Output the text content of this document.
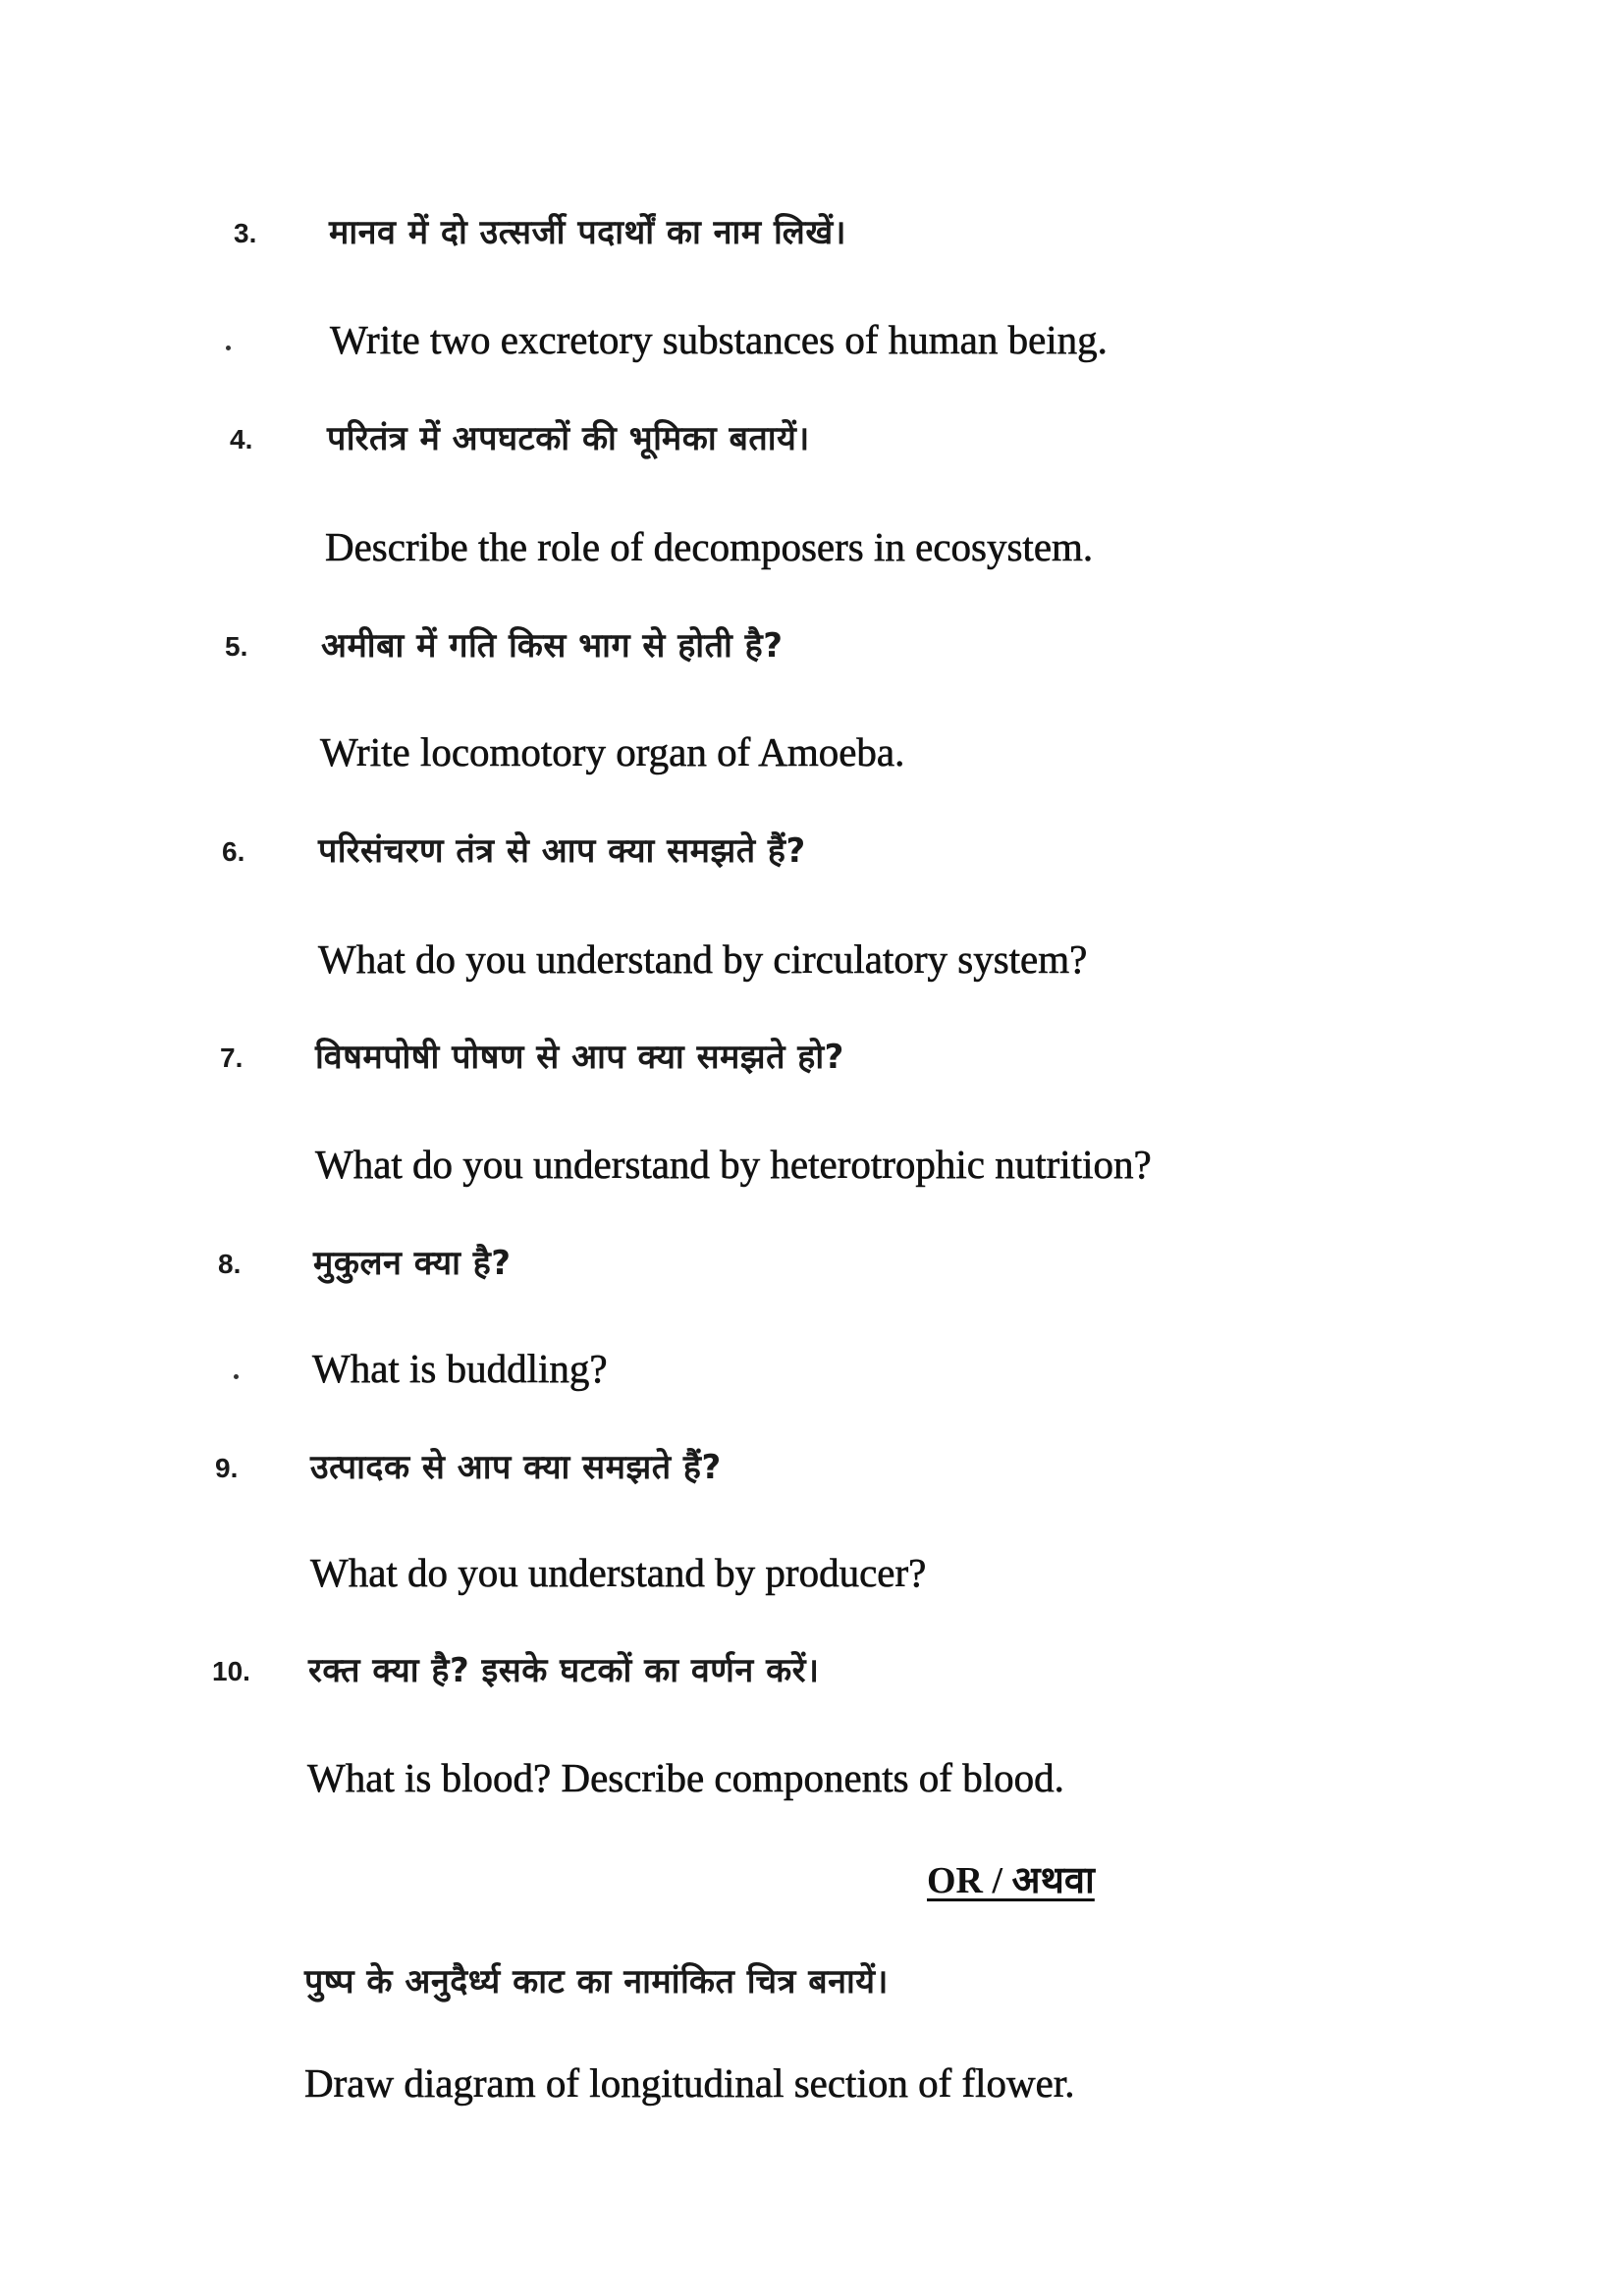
3. मानव में दो उत्सर्जी पदार्थों का नाम लिखें।
Write two excretory substances of human being.
4. परितंत्र में अपघटकों की भूमिका बतायें।
Describe the role of decomposers in ecosystem.
5. अमीबा में गति किस भाग से होती है?
Write locomotory organ of Amoeba.
6. परिसंचरण तंत्र से आप क्या समझते हैं?
What do you understand by circulatory system?
7. विषमपोषी पोषण से आप क्या समझते हो?
What do you understand by heterotrophic nutrition?
8. मुकुलन क्या है?
What is buddling?
9. उत्पादक से आप क्या समझते हैं?
What do you understand by producer?
10. रक्त क्या है? इसके घटकों का वर्णन करें।
What is blood? Describe components of blood.
OR / अथवा
पुष्प के अनुदैर्ध्य काट का नामांकित चित्र बनायें।
Draw diagram of longitudinal section of flower.
